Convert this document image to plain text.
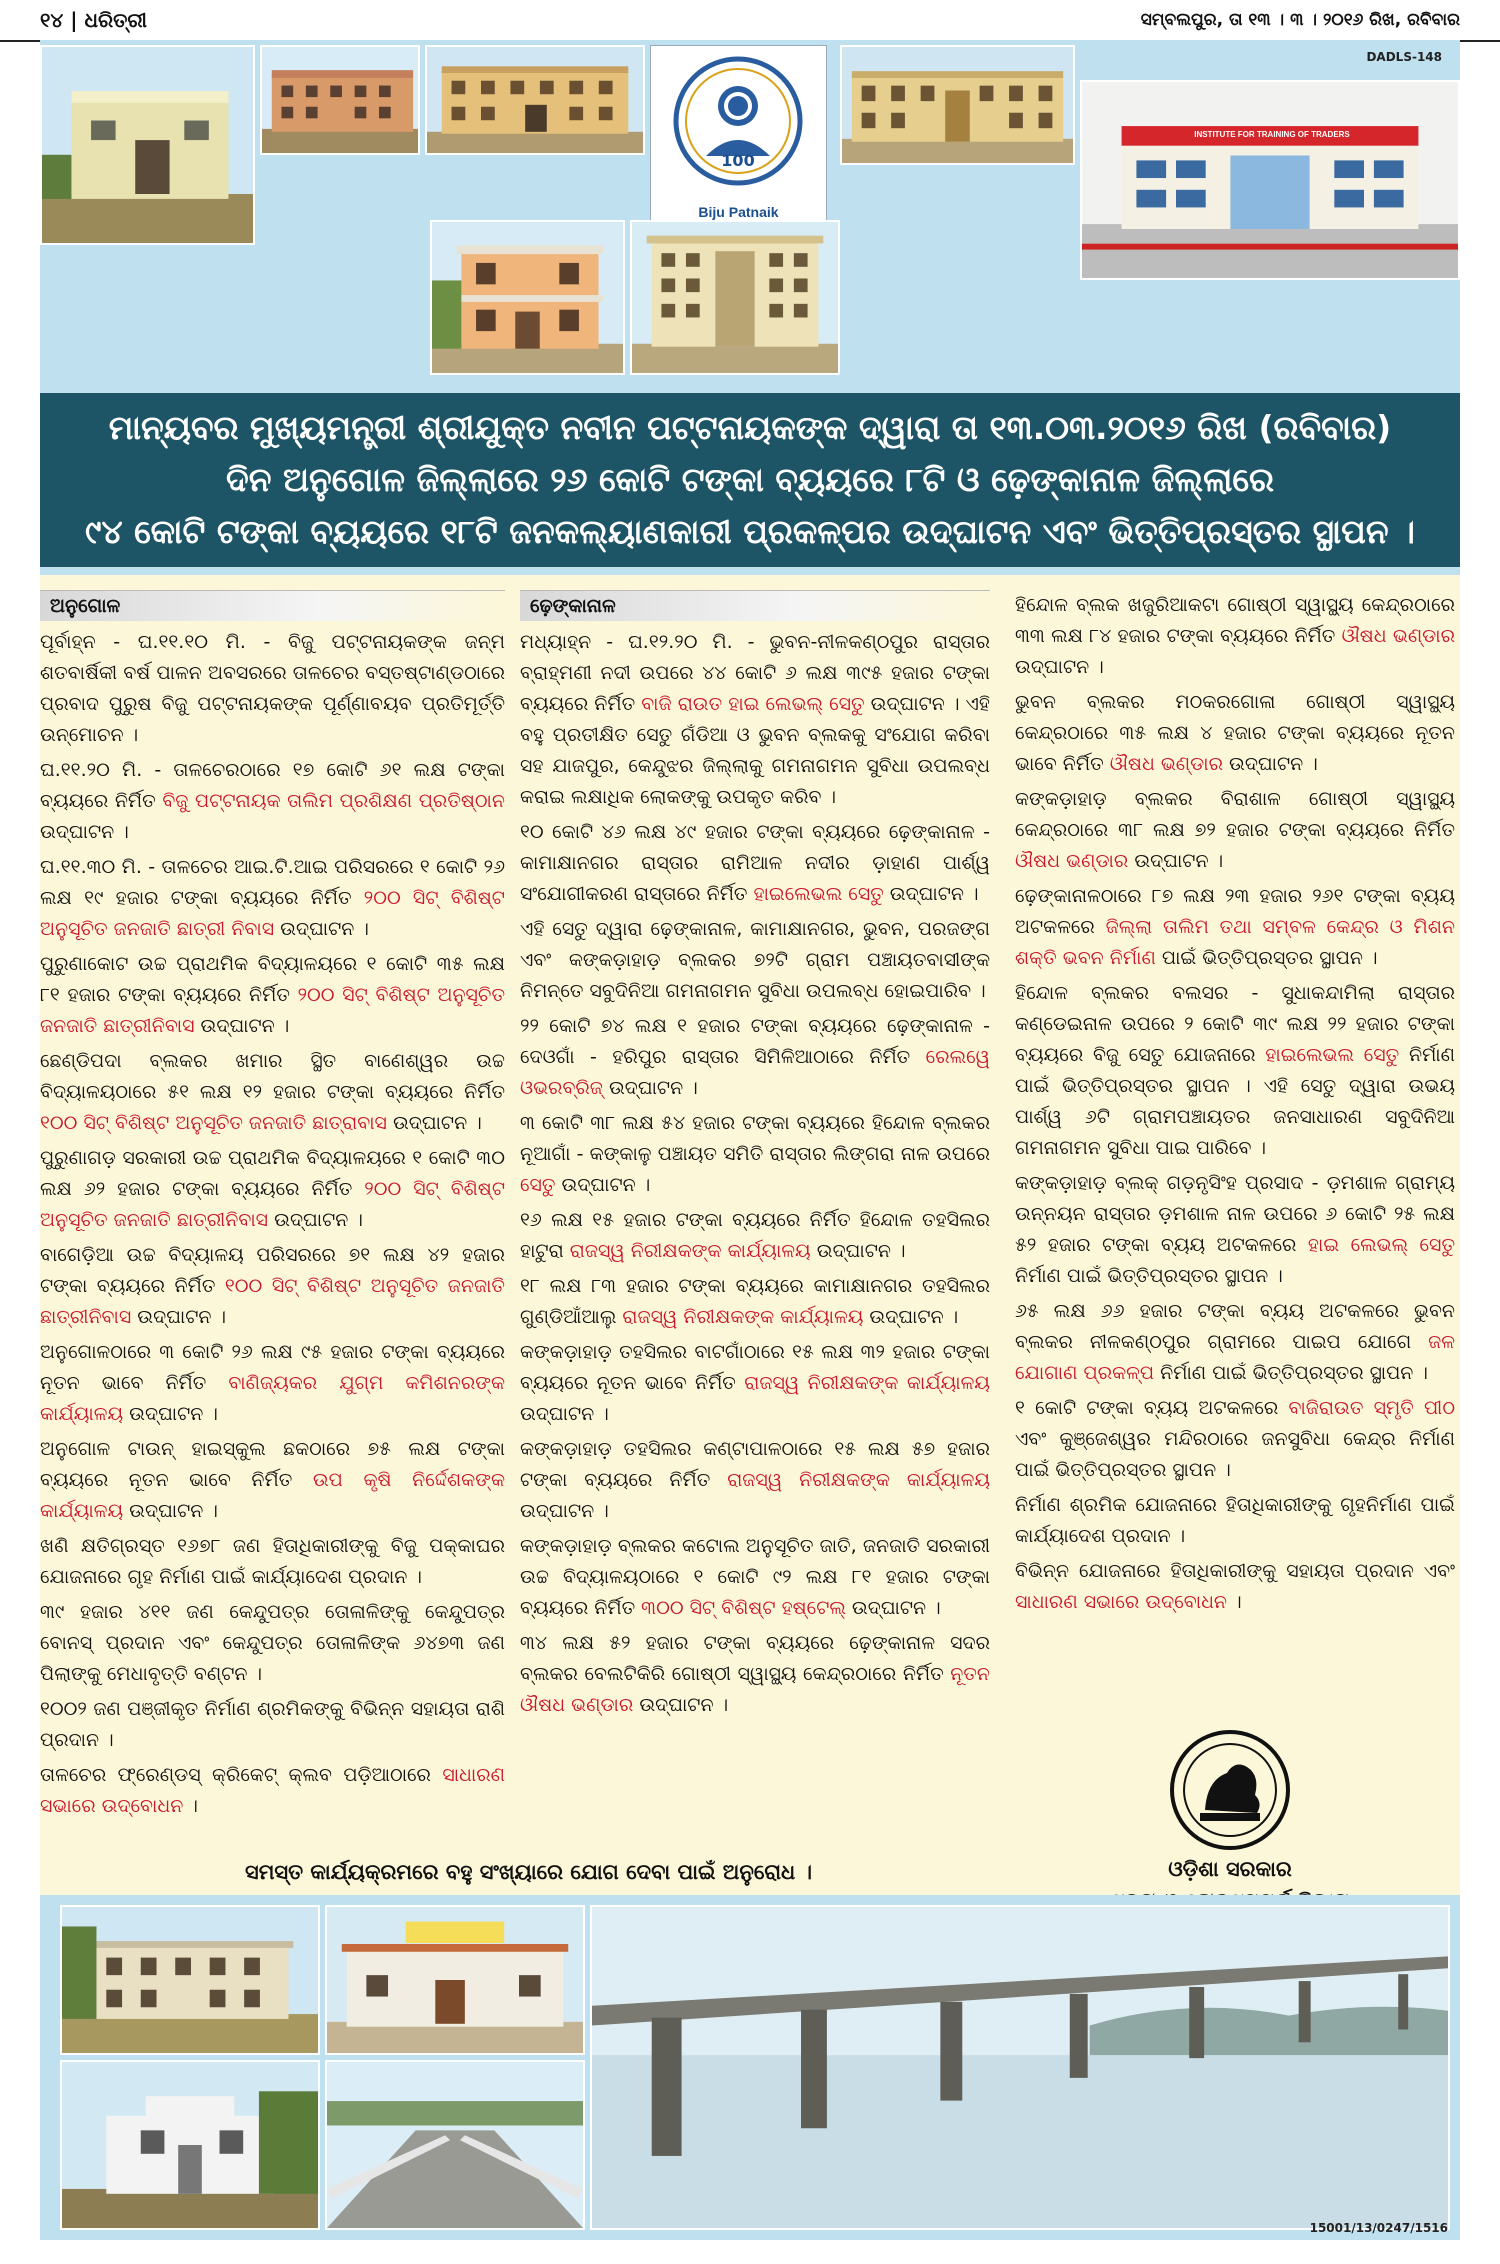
୧୪ | ଧରିତ୍ରୀ	ସମ୍ବଲପୁର, ତା ୧୩ । ୩ । ୨୦୧୬ ରିଖ, ରବିବାର
100
Biju Patnaik
INSTITUTE FOR TRAINING OF TRADERS
DADLS-148
ମାନ୍ୟବର ମୁଖ୍ୟମନ୍ତ୍ରୀ ଶ୍ରୀଯୁକ୍ତ ନବୀନ ପଟ୍ଟନାୟକଙ୍କ ଦ୍ୱାରା ତା ୧୩.୦୩.୨୦୧୬ ରିଖ (ରବିବାର)
ଦିନ ଅନୁଗୋଳ ଜିଲ୍ଲାରେ ୨୬ କୋଟି ଟଙ୍କା ବ୍ୟୟରେ ୮ଟି ଓ ଢ଼େଙ୍କାନାଳ ଜିଲ୍ଲାରେ
୯୪ କୋଟି ଟଙ୍କା ବ୍ୟୟରେ ୧୮ଟି ଜନକଲ୍ୟାଣକାରୀ ପ୍ରକଳ୍ପର ଉଦ୍‌ଘାଟନ ଏବଂ ଭିତ୍ତିପ୍ରସ୍ତର ସ୍ଥାପନ ।
ଅନୁଗୋଳ

ପୂର୍ବାହ୍ନ - ଘ.୧୧.୧୦ ମି. - ବିଜୁ ପଟ୍ଟନାୟକଙ୍କ ଜନ୍ମ ଶତବାର୍ଷିକୀ ବର୍ଷ ପାଳନ ଅବସରରେ ତାଳଚେର ବସ୍ତଷ୍ଟାଣ୍ଡଠାରେ ପ୍ରବାଦ ପୁରୁଷ ବିଜୁ ପଟ୍ଟନାୟକଙ୍କ ପୂର୍ଣ୍ଣାବୟବ ପ୍ରତିମୂର୍ତ୍ତି ଉନ୍ମୋଚନ ।

ଘ.୧୧.୨୦ ମି. - ତାଳଚେରଠାରେ ୧୭ କୋଟି ୬୧ ଲକ୍ଷ ଟଙ୍କା ବ୍ୟୟରେ ନିର୍ମିତ ବିଜୁ ପଟ୍ଟନାୟକ ତାଲିମ ପ୍ରଶିକ୍ଷଣ ପ୍ରତିଷ୍ଠାନ ଉଦ୍‌ଘାଟନ ।

ଘ.୧୧.୩୦ ମି. - ତାଳଚେର ଆଇ.ଟି.ଆଇ ପରିସରରେ ୧ କୋଟି ୨୬ ଲକ୍ଷ ୧୯ ହଜାର ଟଙ୍କା ବ୍ୟୟରେ ନିର୍ମିତ ୨୦୦ ସିଟ୍ ବିଶିଷ୍ଟ ଅନୁସୂଚିତ ଜନଜାତି ଛାତ୍ରୀ ନିବାସ ଉଦ୍‌ଘାଟନ ।

ପୁରୁଣାକୋଟ ଉଚ୍ଚ ପ୍ରାଥମିକ ବିଦ୍ୟାଳୟରେ ୧ କୋଟି ୩୫ ଲକ୍ଷ ୮୧ ହଜାର ଟଙ୍କା ବ୍ୟୟରେ ନିର୍ମିତ ୨୦୦ ସିଟ୍ ବିଶିଷ୍ଟ ଅନୁସୂଚିତ ଜନଜାତି ଛାତ୍ରୀନିବାସ ଉଦ୍‌ଘାଟନ ।

ଛେଣ୍ଡିପଦା ବ୍ଲକର ଖମାର ସ୍ଥିତ ବାଣେଶ୍ୱର ଉଚ୍ଚ ବିଦ୍ୟାଳୟଠାରେ ୫୧ ଲକ୍ଷ ୧୨ ହଜାର ଟଙ୍କା ବ୍ୟୟରେ ନିର୍ମିତ ୧୦୦ ସିଟ୍ ବିଶିଷ୍ଟ ଅନୁସୂଚିତ ଜନଜାତି ଛାତ୍ରାବାସ ଉଦ୍‌ଘାଟନ ।

ପୁରୁଣାଗଡ଼ ସରକାରୀ ଉଚ୍ଚ ପ୍ରାଥମିକ ବିଦ୍ୟାଳୟରେ ୧ କୋଟି ୩୦ ଲକ୍ଷ ୬୨ ହଜାର ଟଙ୍କା ବ୍ୟୟରେ ନିର୍ମିତ ୨୦୦ ସିଟ୍ ବିଶିଷ୍ଟ ଅନୁସୂଚିତ ଜନଜାତି ଛାତ୍ରୀନିବାସ ଉଦ୍‌ଘାଟନ ।

ବାଗେଡ଼ିଆ ଉଚ୍ଚ ବିଦ୍ୟାଳୟ ପରିସରରେ ୭୧ ଲକ୍ଷ ୪୨ ହଜାର ଟଙ୍କା ବ୍ୟୟରେ ନିର୍ମିତ ୧୦୦ ସିଟ୍ ବିଶିଷ୍ଟ ଅନୁସୂଚିତ ଜନଜାତି ଛାତ୍ରୀନିବାସ ଉଦ୍‌ଘାଟନ ।

ଅନୁଗୋଳଠାରେ ୩ କୋଟି ୨୬ ଲକ୍ଷ ୯୫ ହଜାର ଟଙ୍କା ବ୍ୟୟରେ ନୂତନ ଭାବେ ନିର୍ମିତ ବାଣିଜ୍ୟକର ଯୁଗ୍ମ କମିଶନରଙ୍କ କାର୍ଯ୍ୟାଳୟ ଉଦ୍‌ଘାଟନ ।

ଅନୁଗୋଳ ଟାଉନ୍ ହାଇସ୍କୁଲ ଛକଠାରେ ୭୫ ଲକ୍ଷ ଟଙ୍କା ବ୍ୟୟରେ ନୂତନ ଭାବେ ନିର୍ମିତ ଉପ କୃଷି ନିର୍ଦ୍ଦେଶକଙ୍କ କାର୍ଯ୍ୟାଳୟ ଉଦ୍‌ଘାଟନ ।

ଖଣି କ୍ଷତିଗ୍ରସ୍ତ ୧୬୭୮ ଜଣ ହିତାଧିକାରୀଙ୍କୁ ବିଜୁ ପକ୍କାଘର ଯୋଜନାରେ ଗୃହ ନିର୍ମାଣ ପାଇଁ କାର୍ଯ୍ୟାଦେଶ ପ୍ରଦାନ ।

୩୯ ହଜାର ୪୧୧ ଜଣ କେନ୍ଦୁପତ୍ର ତୋଳାଳିଙ୍କୁ କେନ୍ଦୁପତ୍ର ବୋନସ୍ ପ୍ରଦାନ ଏବଂ କେନ୍ଦୁପତ୍ର ତୋଳାଳିଙ୍କ ୬୪୭୩ ଜଣ ପିଲାଙ୍କୁ ମେଧାବୃତ୍ତି ବଣ୍ଟନ ।

୧୦୦୨ ଜଣ ପଞ୍ଜୀକୃତ ନିର୍ମାଣ ଶ୍ରମିକଙ୍କୁ ବିଭିନ୍ନ ସହାୟତା ରାଶି ପ୍ରଦାନ ।

ତାଳଚେର ଫ୍ରେଣ୍ଡସ୍ କ୍ରିକେଟ୍ କ୍ଲବ ପଡ଼ିଆଠାରେ ସାଧାରଣ ସଭାରେ ଉଦ୍‌ବୋଧନ ।

ଢ଼େଙ୍କାନାଳ

ମଧ୍ୟାହ୍ନ - ଘ.୧୨.୨୦ ମି. - ଭୁବନ-ନୀଳକଣ୍ଠପୁର ରାସ୍ତାର ବ୍ରାହ୍ମଣୀ ନଦୀ ଉପରେ ୪୪ କୋଟି ୬ ଲକ୍ଷ ୩୯୫ ହଜାର ଟଙ୍କା ବ୍ୟୟରେ ନିର୍ମିତ ବାଜି ରାଉତ ହାଇ ଲେଭଲ୍ ସେତୁ ଉଦ୍‌ଘାଟନ । ଏହି ବହୁ ପ୍ରତୀକ୍ଷିତ ସେତୁ ଗଁଡିଆ ଓ ଭୁବନ ବ୍ଲକକୁ ସଂଯୋଗ କରିବା ସହ ଯାଜପୁର, କେନ୍ଦୁଝର ଜିଲ୍ଲାକୁ ଗମନାଗମନ ସୁବିଧା ଉପଲବ୍ଧ କରାଇ ଲକ୍ଷାଧିକ ଲୋକଙ୍କୁ ଉପକୃତ କରିବ ।

୧୦ କୋଟି ୪୬ ଲକ୍ଷ ୪୯ ହଜାର ଟଙ୍କା ବ୍ୟୟରେ ଢ଼େଙ୍କାନାଳ - କାମାକ୍ଷାନଗର ରାସ୍ତାର ରାମିଆଳ ନଦୀର ଡ଼ାହାଣ ପାର୍ଶ୍ୱ ସଂଯୋଗୀକରଣ ରାସ୍ତାରେ ନିର୍ମିତ ହାଇଲେଭଲ ସେତୁ ଉଦ୍‌ଘାଟନ ।

ଏହି ସେତୁ ଦ୍ୱାରା ଢ଼େଙ୍କାନାଳ, କାମାକ୍ଷାନଗର, ଭୁବନ, ପରଜଙ୍ଗ ଏବଂ କଙ୍କଡ଼ାହାଡ଼ ବ୍ଲକର ୭୨ଟି ଗ୍ରାମ ପଞ୍ଚାୟତବାସୀଙ୍କ ନିମନ୍ତେ ସବୁଦିନିଆ ଗମନାଗମନ ସୁବିଧା ଉପଲବ୍ଧ ହୋଇପାରିବ ।

୨୨ କୋଟି ୭୪ ଲକ୍ଷ ୧ ହଜାର ଟଙ୍କା ବ୍ୟୟରେ ଢ଼େଙ୍କାନାଳ - ଦେଓଗାଁ - ହରିପୁର ରାସ୍ତାର ସିମିଳିଆଠାରେ ନିର୍ମିତ ରେଲୱେ ଓଭରବ୍ରିଜ୍ ଉଦ୍‌ଘାଟନ ।

୩ କୋଟି ୩୮ ଲକ୍ଷ ୫୪ ହଜାର ଟଙ୍କା ବ୍ୟୟରେ ହିନ୍ଦୋଳ ବ୍ଲକର ନୂଆଗାଁ - କଙ୍କାଳୁ ପଞ୍ଚାୟତ ସମିତି ରାସ୍ତାର ଲିଙ୍ଗରା ନାଳ ଉପରେ ସେତୁ ଉଦ୍‌ଘାଟନ ।

୧୬ ଲକ୍ଷ ୧୫ ହଜାର ଟଙ୍କା ବ୍ୟୟରେ ନିର୍ମିତ ହିନ୍ଦୋଳ ତହସିଲର ହାଟୁରା ରାଜସ୍ୱ ନିରୀକ୍ଷକଙ୍କ କାର୍ଯ୍ୟାଳୟ ଉଦ୍‌ଘାଟନ ।

୧୮ ଲକ୍ଷ ୮୩ ହଜାର ଟଙ୍କା ବ୍ୟୟରେ କାମାକ୍ଷାନଗର ତହସିଲର ଗୁଣ୍ଡିଆଁଆଲୁ ରାଜସ୍ୱ ନିରୀକ୍ଷକଙ୍କ କାର୍ଯ୍ୟାଳୟ ଉଦ୍‌ଘାଟନ ।

କଙ୍କଡ଼ାହାଡ଼ ତହସିଲର ବାଟଗାଁଠାରେ ୧୫ ଲକ୍ଷ ୩୨ ହଜାର ଟଙ୍କା ବ୍ୟୟରେ ନୂତନ ଭାବେ ନିର୍ମିତ ରାଜସ୍ୱ ନିରୀକ୍ଷକଙ୍କ କାର୍ଯ୍ୟାଳୟ ଉଦ୍‌ଘାଟନ ।

କଙ୍କଡ଼ାହାଡ଼ ତହସିଲର କଣ୍ଟାପାଳଠାରେ ୧୫ ଲକ୍ଷ ୫୭ ହଜାର ଟଙ୍କା ବ୍ୟୟରେ ନିର୍ମିତ ରାଜସ୍ୱ ନିରୀକ୍ଷକଙ୍କ କାର୍ଯ୍ୟାଳୟ ଉଦ୍‌ଘାଟନ ।

କଙ୍କଡ଼ାହାଡ଼ ବ୍ଲକର କଟୋଲ ଅନୁସୂଚିତ ଜାତି, ଜନଜାତି ସରକାରୀ ଉଚ୍ଚ ବିଦ୍ୟାଳୟଠାରେ ୧ କୋଟି ୯୨ ଲକ୍ଷ ୮୧ ହଜାର ଟଙ୍କା ବ୍ୟୟରେ ନିର୍ମିତ ୩୦୦ ସିଟ୍ ବିଶିଷ୍ଟ ହଷ୍ଟେଲ୍ ଉଦ୍‌ଘାଟନ ।

୩୪ ଲକ୍ଷ ୫୨ ହଜାର ଟଙ୍କା ବ୍ୟୟରେ ଢ଼େଙ୍କାନାଳ ସଦର ବ୍ଲକର ବେଲଟିକିରି ଗୋଷ୍ଠୀ ସ୍ୱାସ୍ଥ୍ୟ କେନ୍ଦ୍ରଠାରେ ନିର୍ମିତ ନୂତନ ଔଷଧ ଭଣ୍ଡାର ଉଦ୍‌ଘାଟନ ।

ହିନ୍ଦୋଳ ବ୍ଲକ ଖଜୁରିଆକଟା ଗୋଷ୍ଠୀ ସ୍ୱାସ୍ଥ୍ୟ କେନ୍ଦ୍ରଠାରେ ୩୩ ଲକ୍ଷ ୮୪ ହଜାର ଟଙ୍କା ବ୍ୟୟରେ ନିର୍ମିତ ଔଷଧ ଭଣ୍ଡାର ଉଦ୍‌ଘାଟନ ।

ଭୁବନ ବ୍ଲକର ମଠକରଗୋଳା ଗୋଷ୍ଠୀ ସ୍ୱାସ୍ଥ୍ୟ କେନ୍ଦ୍ରଠାରେ ୩୫ ଲକ୍ଷ ୪ ହଜାର ଟଙ୍କା ବ୍ୟୟରେ ନୂତନ ଭାବେ ନିର୍ମିତ ଔଷଧ ଭଣ୍ଡାର ଉଦ୍‌ଘାଟନ ।

କଙ୍କଡ଼ାହାଡ଼ ବ୍ଲକର ବିରାଶାଳ ଗୋଷ୍ଠୀ ସ୍ୱାସ୍ଥ୍ୟ କେନ୍ଦ୍ରଠାରେ ୩୮ ଲକ୍ଷ ୭୨ ହଜାର ଟଙ୍କା ବ୍ୟୟରେ ନିର୍ମିତ ଔଷଧ ଭଣ୍ଡାର ଉଦ୍‌ଘାଟନ ।

ଢ଼େଙ୍କାନାଳଠାରେ ୮୭ ଲକ୍ଷ ୨୩ ହଜାର ୨୬୧ ଟଙ୍କା ବ୍ୟୟ ଅଟକଳରେ ଜିଲ୍ଲା ତାଲିମ ତଥା ସମ୍ବଳ କେନ୍ଦ୍ର ଓ ମିଶନ ଶକ୍ତି ଭବନ ନିର୍ମାଣ ପାଇଁ ଭିତ୍ତିପ୍ରସ୍ତର ସ୍ଥାପନ ।

ହିନ୍ଦୋଳ ବ୍ଲକର ବଲସର - ସୁଧାକନ୍ଦାମିଲା ରାସ୍ତାର କଣ୍ଡେଇନାଳ ଉପରେ ୨ କୋଟି ୩୯ ଲକ୍ଷ ୨୨ ହଜାର ଟଙ୍କା ବ୍ୟୟରେ ବିଜୁ ସେତୁ ଯୋଜନାରେ ହାଇଲେଭଲ ସେତୁ ନିର୍ମାଣ ପାଇଁ ଭିତ୍ତିପ୍ରସ୍ତର ସ୍ଥାପନ । ଏହି ସେତୁ ଦ୍ୱାରା ଉଭୟ ପାର୍ଶ୍ୱ ୬ଟି ଗ୍ରାମପଞ୍ଚାୟତର ଜନସାଧାରଣ ସବୁଦିନିଆ ଗମନାଗମନ ସୁବିଧା ପାଇ ପାରିବେ ।

କଙ୍କଡ଼ାହାଡ଼ ବ୍ଲକ୍ ଗଡ଼ନୃସିଂହ ପ୍ରସାଦ - ଡ଼ମଶାଳ ଗ୍ରାମ୍ୟ ଉନ୍ନୟନ ରାସ୍ତାର ଡ଼ମଶାଳ ନାଳ ଉପରେ ୬ କୋଟି ୨୫ ଲକ୍ଷ ୫୨ ହଜାର ଟଙ୍କା ବ୍ୟୟ ଅଟକଳରେ ହାଇ ଲେଭଲ୍ ସେତୁ ନିର୍ମାଣ ପାଇଁ ଭିତ୍ତିପ୍ରସ୍ତର ସ୍ଥାପନ ।

୬୫ ଲକ୍ଷ ୬୬ ହଜାର ଟଙ୍କା ବ୍ୟୟ ଅଟକଳରେ ଭୁବନ ବ୍ଲକର ନୀଳକଣ୍ଠପୁର ଗ୍ରାମରେ ପାଇପ ଯୋଗେ ଜଳ ଯୋଗାଣ ପ୍ରକଳ୍ପ ନିର୍ମାଣ ପାଇଁ ଭିତ୍ତିପ୍ରସ୍ତର ସ୍ଥାପନ ।

୧ କୋଟି ଟଙ୍କା ବ୍ୟୟ ଅଟକଳରେ ବାଜିରାଉତ ସ୍ମୃତି ପୀଠ ଏବଂ କୁଞ୍ଜେଶ୍ୱର ମନ୍ଦିରଠାରେ ଜନସୁବିଧା କେନ୍ଦ୍ର ନିର୍ମାଣ ପାଇଁ ଭିତ୍ତିପ୍ରସ୍ତର ସ୍ଥାପନ ।

ନିର୍ମାଣ ଶ୍ରମିକ ଯୋଜନାରେ ହିତାଧିକାରୀଙ୍କୁ ଗୃହନିର୍ମାଣ ପାଇଁ କାର୍ଯ୍ୟାଦେଶ ପ୍ରଦାନ ।

ବିଭିନ୍ନ ଯୋଜନାରେ ହିତାଧିକାରୀଙ୍କୁ ସହାୟତା ପ୍ରଦାନ ଏବଂ ସାଧାରଣ ସଭାରେ ଉଦ୍‌ବୋଧନ ।

ସମସ୍ତ କାର୍ଯ୍ୟକ୍ରମରେ ବହୁ ସଂଖ୍ୟାରେ ଯୋଗ ଦେବା ପାଇଁ ଅନୁରୋଧ ।	ଓଡ଼ିଶା ସରକାର
15001/13/0247/1516
